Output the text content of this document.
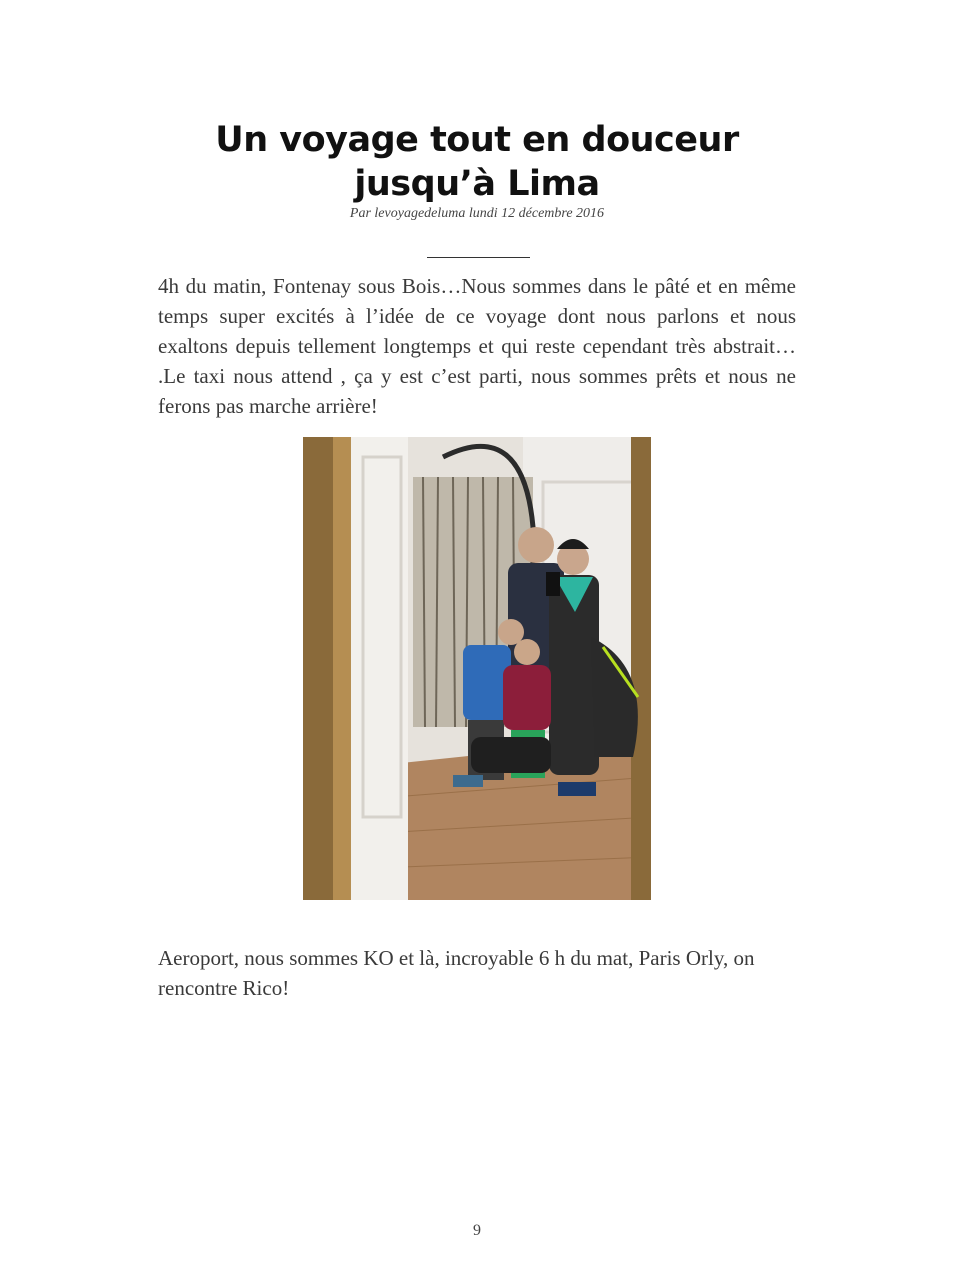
Un voyage tout en douceur jusqu’à Lima

Par levoyagedeluma lundi 12 décembre 2016

4h du matin, Fontenay sous Bois…Nous sommes dans le pâté et en même temps super excités à l’idée de ce voyage dont nous parlons et nous exaltons depuis tellement longtemps et qui reste cependant très abstrait… .Le taxi nous attend , ça y est c’est parti, nous sommes prêts et nous ne ferons pas marche arrière!

Aeroport, nous sommes KO et là, incroyable 6 h du mat, Paris Orly, on rencontre Rico!

9
